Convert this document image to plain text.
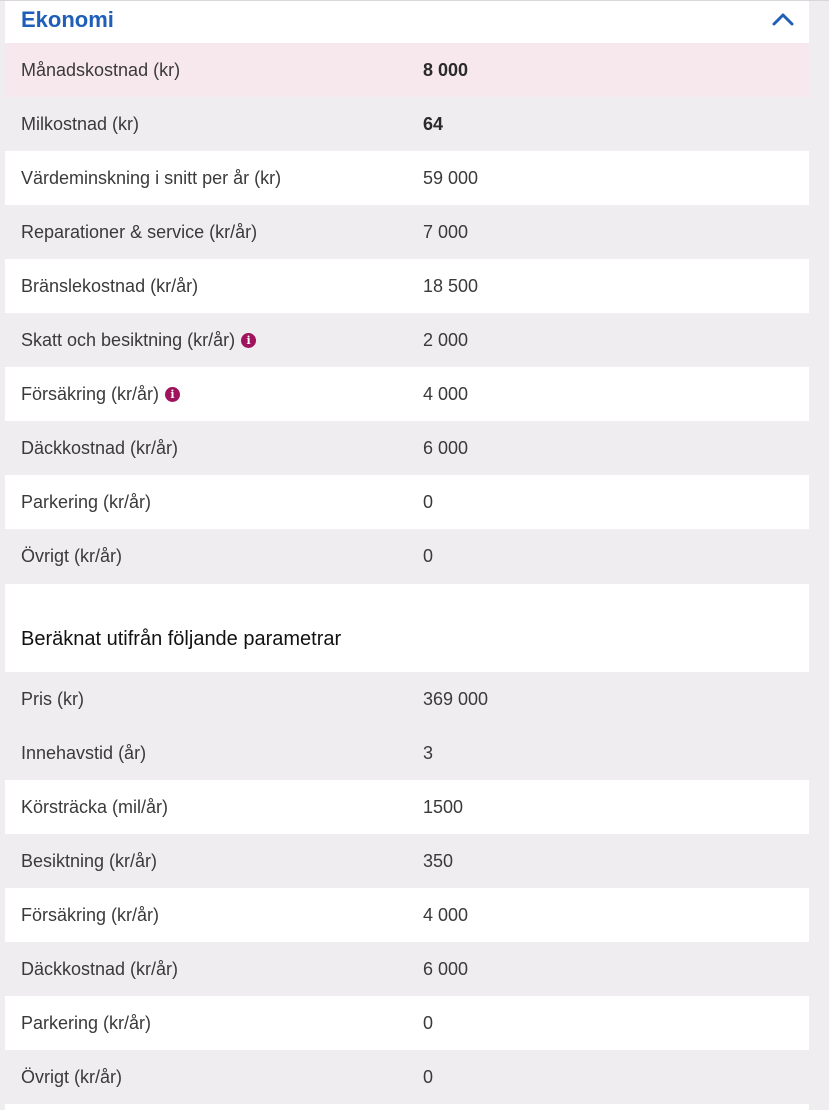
Ekonomi
Månadskostnad (kr)	8 000
Milkostnad (kr)	64
Värdeminskning i snitt per år (kr)	59 000
Reparationer & service (kr/år)	7 000
Bränslekostnad (kr/år)	18 500
Skatt och besiktning (kr/år) i	2 000
Försäkring (kr/år) i	4 000
Däckkostnad (kr/år)	6 000
Parkering (kr/år)	0
Övrigt (kr/år)	0
Beräknat utifrån följande parametrar
Pris (kr)	369 000
Innehavstid (år)	3
Körsträcka (mil/år)	1500
Besiktning (kr/år)	350
Försäkring (kr/år)	4 000
Däckkostnad (kr/år)	6 000
Parkering (kr/år)	0
Övrigt (kr/år)	0
